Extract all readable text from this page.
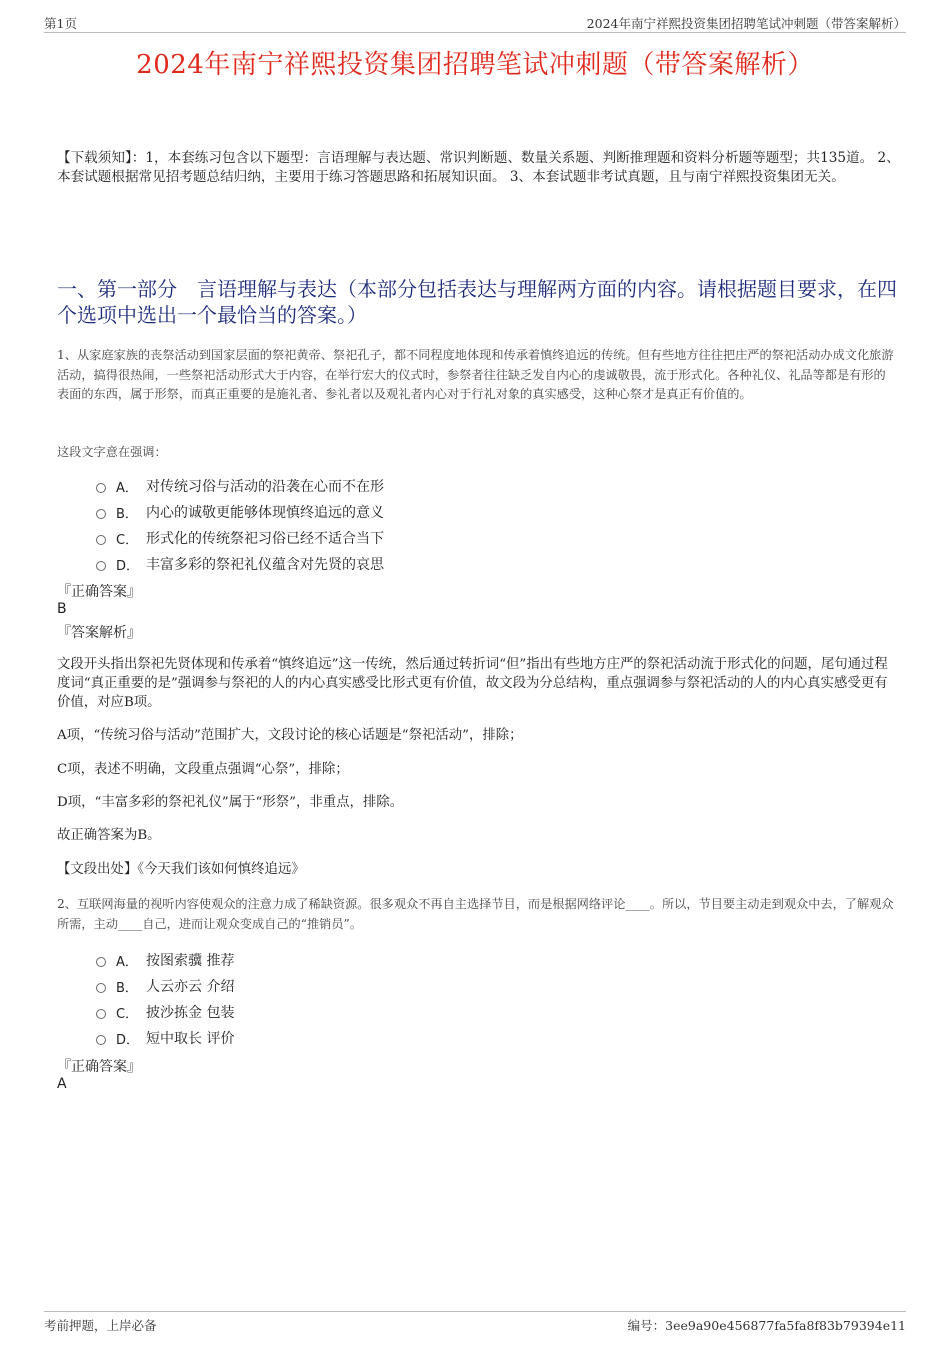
第1页	2024年南宁祥熙投资集团招聘笔试冲刺题（带答案解析）
2024年南宁祥熙投资集团招聘笔试冲刺题（带答案解析）
【下载须知】：1，本套练习包含以下题型：言语理解与表达题、常识判断题、数量关系题、判断推理题和资料分析题等题型；共135道。 2、本套试题根据常见招考题总结归纳，主要用于练习答题思路和拓展知识面。 3、本套试题非考试真题，且与南宁祥熙投资集团无关。
一、第一部分　言语理解与表达（本部分包括表达与理解两方面的内容。请根据题目要求，在四个选项中选出一个最恰当的答案。）
1、从家庭家族的丧祭活动到国家层面的祭祀黄帝、祭祀孔子，都不同程度地体现和传承着慎终追远的传统。但有些地方往往把庄严的祭祀活动办成文化旅游活动，搞得很热闹，一些祭祀活动形式大于内容，在举行宏大的仪式时，参祭者往往缺乏发自内心的虔诚敬畏，流于形式化。各种礼仪、礼品等都是有形的表面的东西，属于形祭，而真正重要的是施礼者、参礼者以及观礼者内心对于行礼对象的真实感受，这种心祭才是真正有价值的。
这段文字意在强调：
A． 对传统习俗与活动的沿袭在心而不在形
B． 内心的诚敬更能够体现慎终追远的意义
C． 形式化的传统祭祀习俗已经不适合当下
D． 丰富多彩的祭祀礼仪蕴含对先贤的哀思
『正确答案』
B
『答案解析』
文段开头指出祭祀先贤体现和传承着“慎终追远”这一传统，然后通过转折词“但”指出有些地方庄严的祭祀活动流于形式化的问题，尾句通过程度词“真正重要的是”强调参与祭祀的人的内心真实感受比形式更有价值，故文段为分总结构，重点强调参与祭祀活动的人的内心真实感受更有价值，对应B项。
A项，“传统习俗与活动”范围扩大，文段讨论的核心话题是“祭祀活动”，排除；
C项，表述不明确，文段重点强调“心祭”，排除；
D项，“丰富多彩的祭祀礼仪”属于“形祭”，非重点，排除。
故正确答案为B。
【文段出处】《今天我们该如何慎终追远》
2、互联网海量的视听内容使观众的注意力成了稀缺资源。很多观众不再自主选择节目，而是根据网络评论____。所以，节目要主动走到观众中去，了解观众所需，主动____自己，进而让观众变成自己的“推销员”。
A． 按图索骥 推荐
B． 人云亦云 介绍
C． 披沙拣金 包装
D． 短中取长 评价
『正确答案』
A
考前押题，上岸必备	编号：3ee9a90e456877fa5fa8f83b79394e11
